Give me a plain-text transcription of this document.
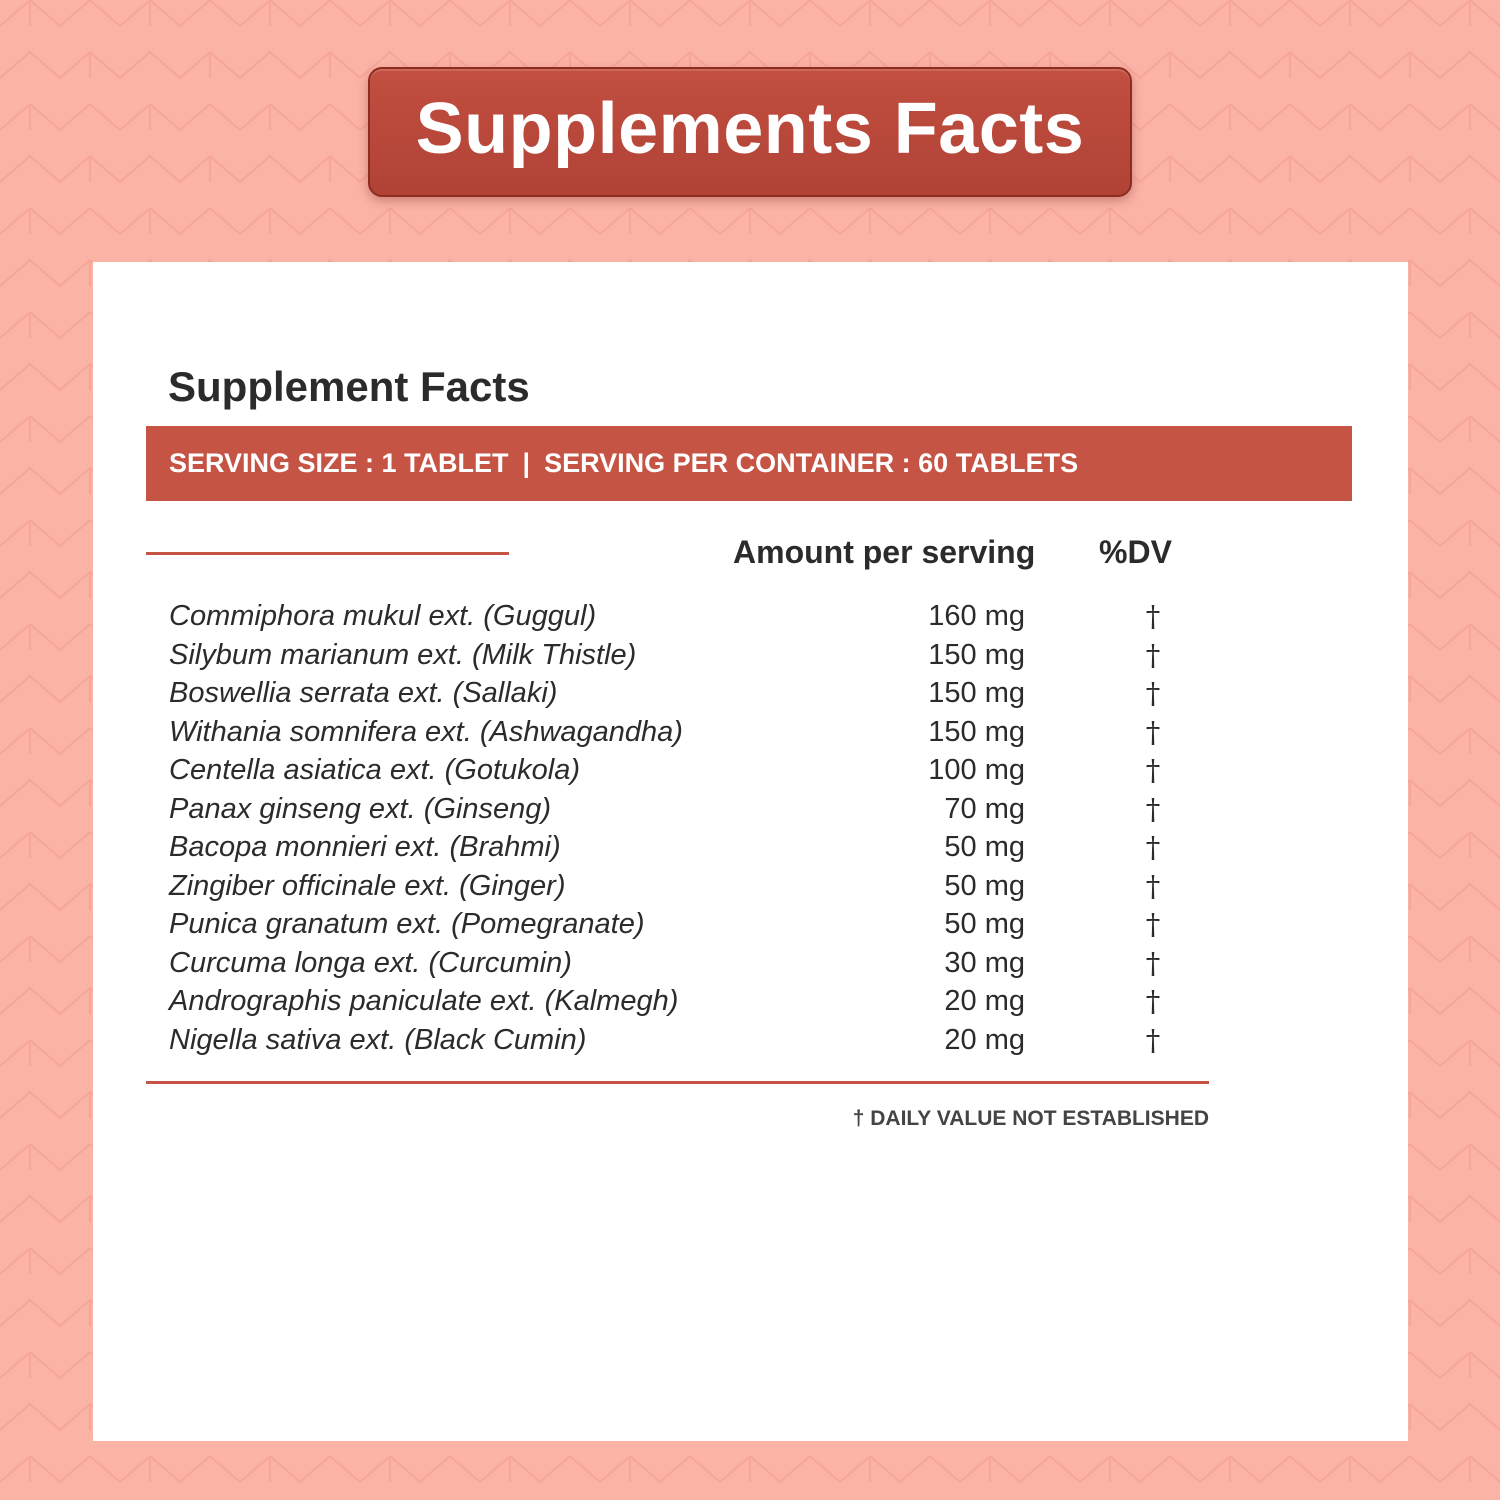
Supplements Facts
Supplement Facts
SERVING SIZE : 1 TABLET | SERVING PER CONTAINER : 60 TABLETS
Amount per serving %DV
Commiphora mukul ext. (Guggul)	160 mg	†
Silybum marianum ext. (Milk Thistle)	150 mg	†
Boswellia serrata ext. (Sallaki)	150 mg	†
Withania somnifera ext. (Ashwagandha)	150 mg	†
Centella asiatica ext. (Gotukola)	100 mg	†
Panax ginseng ext. (Ginseng)	70 mg	†
Bacopa monnieri ext. (Brahmi)	50 mg	†
Zingiber officinale ext. (Ginger)	50 mg	†
Punica granatum ext. (Pomegranate)	50 mg	†
Curcuma longa ext. (Curcumin)	30 mg	†
Andrographis paniculate ext. (Kalmegh)	20 mg	†
Nigella sativa ext. (Black Cumin)	20 mg	†
† DAILY VALUE NOT ESTABLISHED
